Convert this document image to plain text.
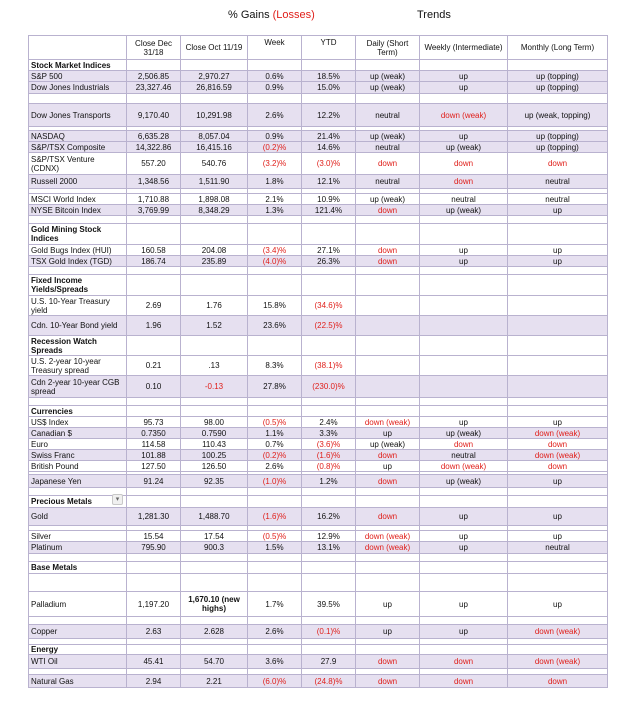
% Gains (Losses)	Trends
	Close Dec 31/18	Close Oct 11/19	Week	YTD	Daily (Short Term)	Weekly (Intermediate)	Monthly (Long Term)
Stock Market Indices							
S&P 500	2,506.85	2,970.27	0.6%	18.5%	up (weak)	up	up (topping)
Dow Jones Industrials	23,327.46	26,816.59	0.9%	15.0%	up (weak)	up	up (topping)

Dow Jones Transports	9,170.40	10,291.98	2.6%	12.2%	neutral	down (weak)	up (weak, topping)

NASDAQ	6,635.28	8,057.04	0.9%	21.4%	up (weak)	up	up (topping)
S&P/TSX Composite	14,322.86	16,415.16	(0.2)%	14.6%	neutral	up (weak)	up (topping)
S&P/TSX Venture (CDNX)	557.20	540.76	(3.2)%	(3.0)%	down	down	down
Russell 2000	1,348.56	1,511.90	1.8%	12.1%	neutral	down	neutral

MSCI World Index	1,710.88	1,898.08	2.1%	10.9%	up (weak)	neutral	neutral
NYSE Bitcoin Index	3,769.99	8,348.29	1.3%	121.4%	down	up (weak)	up

Gold Mining Stock Indices							
Gold Bugs Index (HUI)	160.58	204.08	(3.4)%	27.1%	down	up	up
TSX Gold Index (TGD)	186.74	235.89	(4.0)%	26.3%	down	up	up

Fixed Income Yields/Spreads							
U.S. 10-Year Treasury yield	2.69	1.76	15.8%	(34.6)%			
Cdn. 10-Year Bond yield	1.96	1.52	23.6%	(22.5)%			
Recession Watch Spreads							
U.S. 2-year 10-year Treasury spread	0.21	.13	8.3%	(38.1)%			
Cdn 2-year 10-year CGB spread	0.10	-0.13	27.8%	(230.0)%			

Currencies							
US$ Index	95.73	98.00	(0.5)%	2.4%	down (weak)	up	up
Canadian $	0.7350	0.7590	1.1%	3.3%	up	up (weak)	down (weak)
Euro	114.58	110.43	0.7%	(3.6)%	up (weak)	down	down
Swiss Franc	101.88	100.25	(0.2)%	(1.6)%	down	neutral	down (weak)
British Pound	127.50	126.50	2.6%	(0.8)%	up	down (weak)	down

Japanese Yen	91.24	92.35	(1.0)%	1.2%	down	up (weak)	up

Precious Metals							
Gold	1,281.30	1,488.70	(1.6)%	16.2%	down	up	up

Silver	15.54	17.54	(0.5)%	12.9%	down (weak)	up	up
Platinum	795.90	900.3	1.5%	13.1%	down (weak)	up	neutral

Base Metals							

Palladium	1,197.20	1,670.10 (new highs)	1.7%	39.5%	up	up	up

Copper	2.63	2.628	2.6%	(0.1)%	up	up	down (weak)

Energy							
WTI Oil	45.41	54.70	3.6%	27.9	down	down	down (weak)

Natural Gas	2.94	2.21	(6.0)%	(24.8)%	down	down	down
▾
